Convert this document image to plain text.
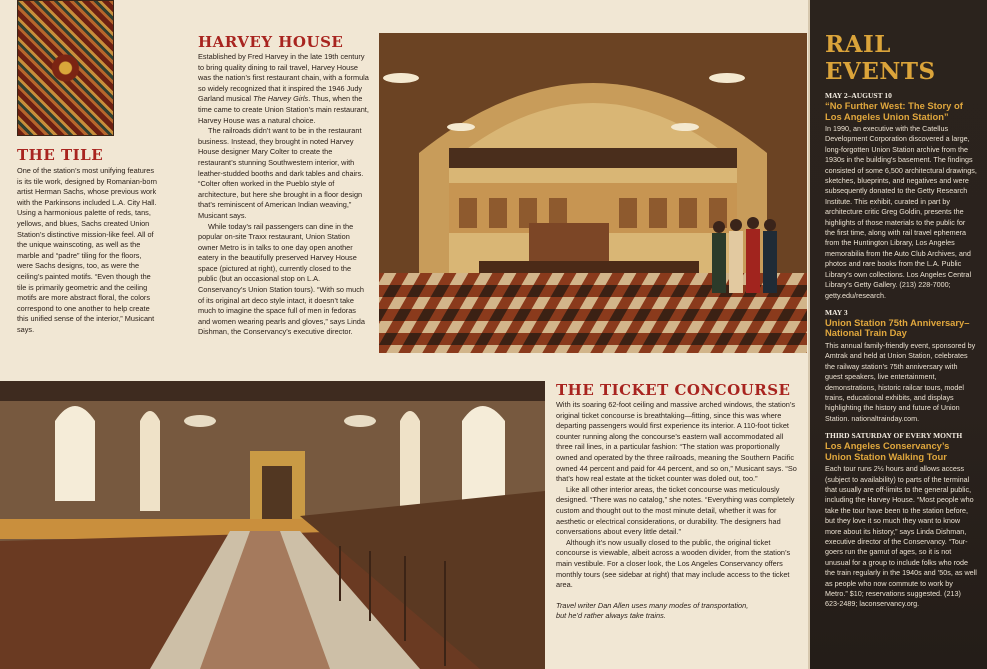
THE TILE

One of the station’s most unifying features is its tile work, designed by Romanian-born artist Herman Sachs, whose previous work with the Parkinsons included L.A. City Hall. Using a harmonious palette of reds, tans, yellows, and blues, Sachs created Union Station’s distinctive mission-like feel. All of the unique wainscoting, as well as the marble and “padre” tiling for the floors, were Sachs designs, too, as were the ceiling’s painted motifs. “Even though the tile is primarily geometric and the ceiling motifs are more abstract floral, the colors correspond to one another to help create this unified sense of the interior,” Musicant says.

HARVEY HOUSE

Established by Fred Harvey in the late 19th century to bring quality dining to rail travel, Harvey House was the nation’s first restaurant chain, with a formula so widely recognized that it inspired the 1946 Judy Garland musical The Harvey Girls. Thus, when the time came to create Union Station’s main restaurant, Harvey House was a natural choice.

The railroads didn’t want to be in the restaurant business. Instead, they brought in noted Harvey House designer Mary Colter to create the restaurant’s stunning Southwestern interior, with leather-studded booths and dark tables and chairs. “Colter often worked in the Pueblo style of architecture, but here she brought in a floor design that’s reminiscent of American Indian weaving,” Musicant says.

While today’s rail passengers can dine in the popular on-site Traxx restaurant, Union Station owner Metro is in talks to one day open another eatery in the beautifully preserved Harvey House space (pictured at right), currently closed to the public (but an occasional stop on L.A. Conservancy’s Union Station tours). “With so much of its original art deco style intact, it doesn’t take much to imagine the space full of men in fedoras and women wearing pearls and gloves,” says Linda Dishman, the Conservancy’s executive director.

THE TICKET CONCOURSE

With its soaring 62-foot ceiling and massive arched windows, the station’s original ticket concourse is breathtaking—fitting, since this was where departing passengers would first experience its interior. A 110-foot ticket counter running along the concourse’s eastern wall accommodated all three rail lines, in a particular fashion: “The station was proportionally owned and operated by the three railroads, meaning the Southern Pacific owned 44 percent and paid for 44 percent, and so on,” Musicant says. “So that’s how real estate at the ticket counter was doled out, too.”

Like all other interior areas, the ticket concourse was meticulously designed. “There was no catalog,” she notes. “Everything was completely custom and thought out to the most minute detail, whether it was for aesthetic or electrical considerations, or durability. The designers had conversations about every little detail.”

Although it’s now usually closed to the public, the original ticket concourse is viewable, albeit across a wooden divider, from the station’s main vestibule. For a closer look, the Los Angeles Conservancy offers monthly tours (see sidebar at right) that may include access to the ticket area.

Travel writer Dan Allen uses many modes of transportation,
but he’d rather always take trains.
RAIL EVENTS
MAY 2–AUGUST 10
“No Further West: The Story of Los Angeles Union Station”

In 1990, an executive with the Catellus Development Corporation discovered a large, long-forgotten Union Station archive from the 1930s in the building’s basement. The findings consisted of some 6,500 architectural drawings, sketches, blueprints, and negatives and were subsequently donated to the Getty Research Institute. This exhibit, curated in part by architecture critic Greg Goldin, presents the highlights of those materials to the public for the first time, along with rail travel ephemera from the Huntington Library, Los Angeles memorabilia from the Auto Club Archives, and photos and rare books from the L.A. Public Library’s own collections. Los Angeles Central Library’s Getty Gallery. (213) 228-7000; getty.edu/research.

MAY 3
Union Station 75th Anniversary–National Train Day

This annual family-friendly event, sponsored by Amtrak and held at Union Station, celebrates the railway station’s 75th anniversary with guest speakers, live entertainment, demonstrations, historic railcar tours, model trains, educational exhibits, and displays highlighting the history and future of Union Station. nationaltrainday.com.

THIRD SATURDAY OF EVERY MONTH
Los Angeles Conservancy’s Union Station Walking Tour

Each tour runs 2½ hours and allows access (subject to availability) to parts of the terminal that usually are off-limits to the general public, including the Harvey House. “Most people who take the tour have been to the station before, but they love it so much they want to know more about its history,” says Linda Dishman, executive director of the Conservancy. “Tour-goers run the gamut of ages, so it is not unusual for a group to include folks who rode the train regularly in the 1940s and ’50s, as well as people who now commute to work by Metro.” $10; reservations suggested. (213) 623-2489; laconservancy.org.
